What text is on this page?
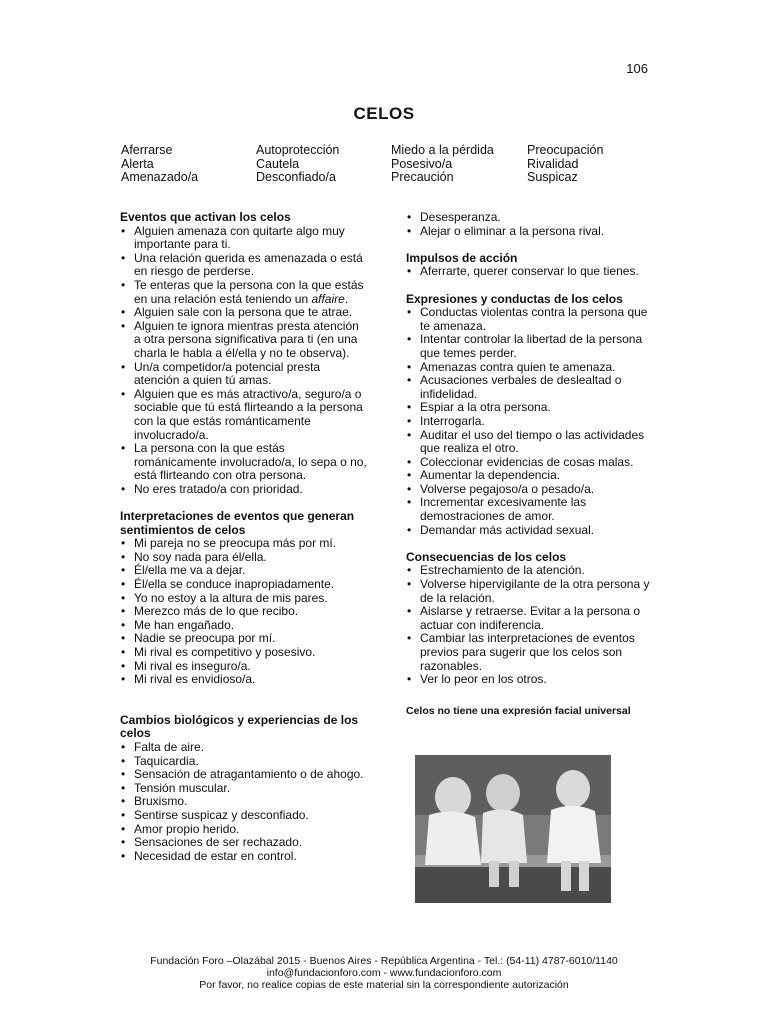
106
CELOS
Aferrarse
Alerta
Amenazado/a
Autoprotección
Cautela
Desconfiado/a
Miedo a la pérdida
Posesivo/a
Precaución
Preocupación
Rivalidad
Suspicaz
Eventos que activan los celos
• Alguien amenaza con quitarte algo muy importante para ti.
• Una relación querida es amenazada o está en riesgo de perderse.
• Te enteras que la persona con la que estás en una relación está teniendo un affaire.
• Alguien sale con la persona que te atrae.
• Alguien te ignora mientras presta atención a otra persona significativa para ti (en una charla le habla a él/ella y no te observa).
• Un/a competidor/a potencial presta atención a quien tú amas.
• Alguien que es más atractivo/a, seguro/a o sociable que tú está flirteando a la persona con la que estás románticamente involucrado/a.
• La persona con la que estás románicamente involucrado/a, lo sepa o no, está flirteando con otra persona.
• No eres tratado/a con prioridad.
Interpretaciones de eventos que generan sentimientos de celos
• Mi pareja no se preocupa más por mí.
• No soy nada para él/ella.
• Él/ella me va a dejar.
• Él/ella se conduce inapropiadamente.
• Yo no estoy a la altura de mis pares.
• Merezco más de lo que recibo.
• Me han engañado.
• Nadie se preocupa por mí.
• Mi rival es competitivo y posesivo.
• Mi rival es inseguro/a.
• Mi rival es envidioso/a.
Cambios biológicos y experiencias de los celos
• Falta de aire.
• Taquicardia.
• Sensación de atragantamiento o de ahogo.
• Tensión muscular.
• Bruxismo.
• Sentirse suspicaz y desconfiado.
• Amor propio herido.
• Sensaciones de ser rechazado.
• Necesidad de estar en control.
• Desesperanza.
• Alejar o eliminar a la persona rival.
Impulsos de acción
• Aferrarte, querer conservar lo que tienes.
Expresiones y conductas de los celos
• Conductas violentas contra la persona que te amenaza.
• Intentar controlar la libertad de la persona que temes perder.
• Amenazas contra quien te amenaza.
• Acusaciones verbales de deslealtad o infidelidad.
• Espiar a la otra persona.
• Interrogarla.
• Auditar el uso del tiempo o las actividades que realiza el otro.
• Coleccionar evidencias de cosas malas.
• Aumentar la dependencia.
• Volverse pegajoso/a o pesado/a.
• Incrementar excesivamente las demostraciones de amor.
• Demandar más actividad sexual.
Consecuencias de los celos
• Estrechamiento de la atención.
• Volverse hipervigilante de la otra persona y de la relación.
• Aislarse y retraerse. Evitar a la persona o actuar con indiferencia.
• Cambiar las interpretaciones de eventos previos para sugerir que los celos son razonables.
• Ver lo peor en los otros.
Celos no tiene una expresión facial universal
Fundación Foro –Olazábal 2015 - Buenos Aires - República Argentina - Tel.: (54-11) 4787-6010/1140
info@fundacionforo.com - www.fundacionforo.com
Por favor, no realice copias de este material sin la correspondiente autorización
